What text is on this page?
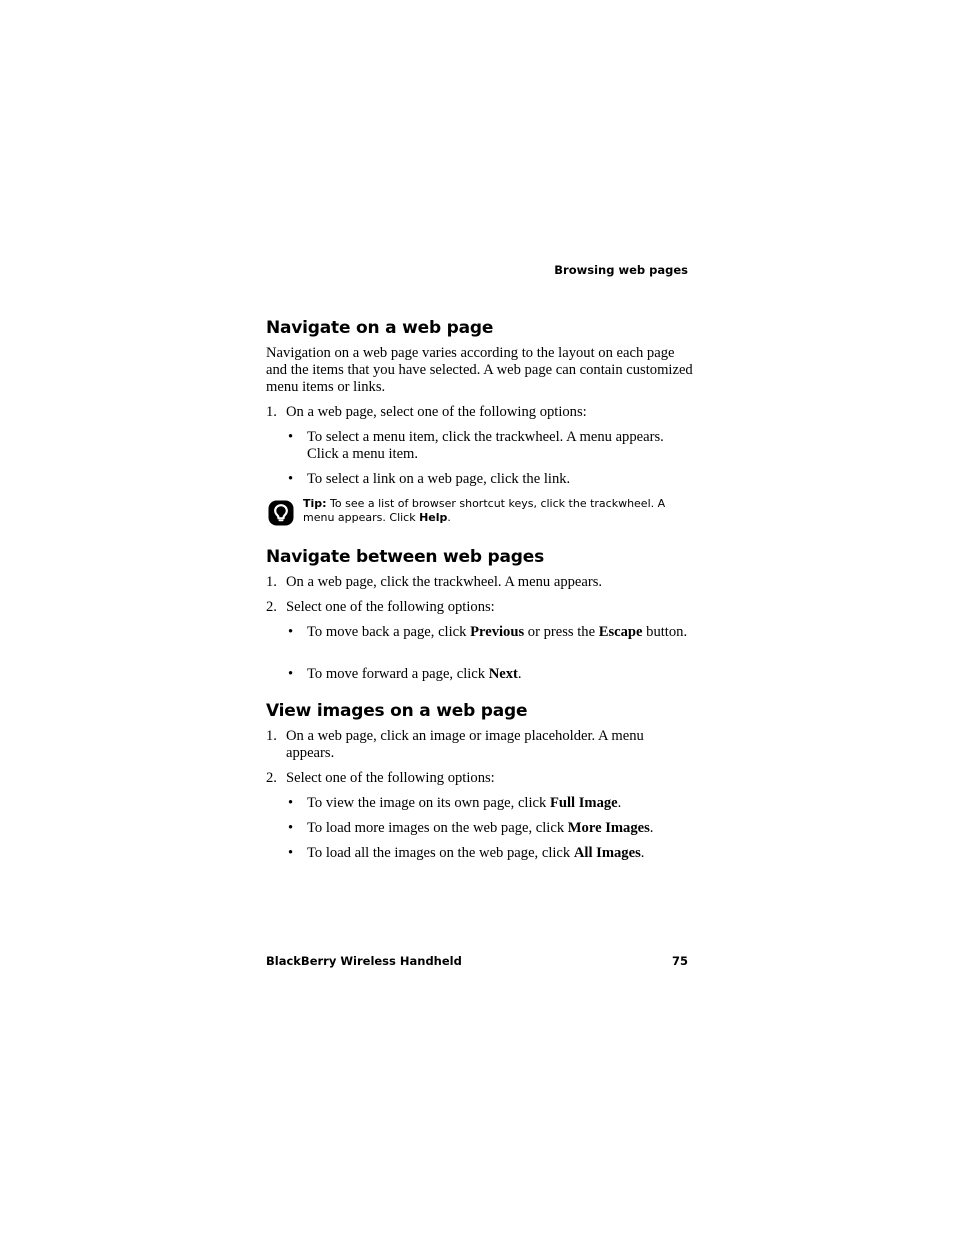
Browsing web pages
Navigate on a web page

Navigation on a web page varies according to the layout on each page and the items that you have selected. A web page can contain customized menu items or links.

1. On a web page, select one of the following options:
• To select a menu item, click the trackwheel. A menu appears. Click a menu item.
• To select a link on a web page, click the link.
Tip: To see a list of browser shortcut keys, click the trackwheel. A menu appears. Click Help.
Navigate between web pages
1. On a web page, click the trackwheel. A menu appears.
2. Select one of the following options:
• To move back a page, click Previous or press the Escape button.
• To move forward a page, click Next.
View images on a web page
1. On a web page, click an image or image placeholder. A menu appears.
2. Select one of the following options:
• To view the image on its own page, click Full Image.
• To load more images on the web page, click More Images.
• To load all the images on the web page, click All Images.
BlackBerry Wireless Handheld	75
